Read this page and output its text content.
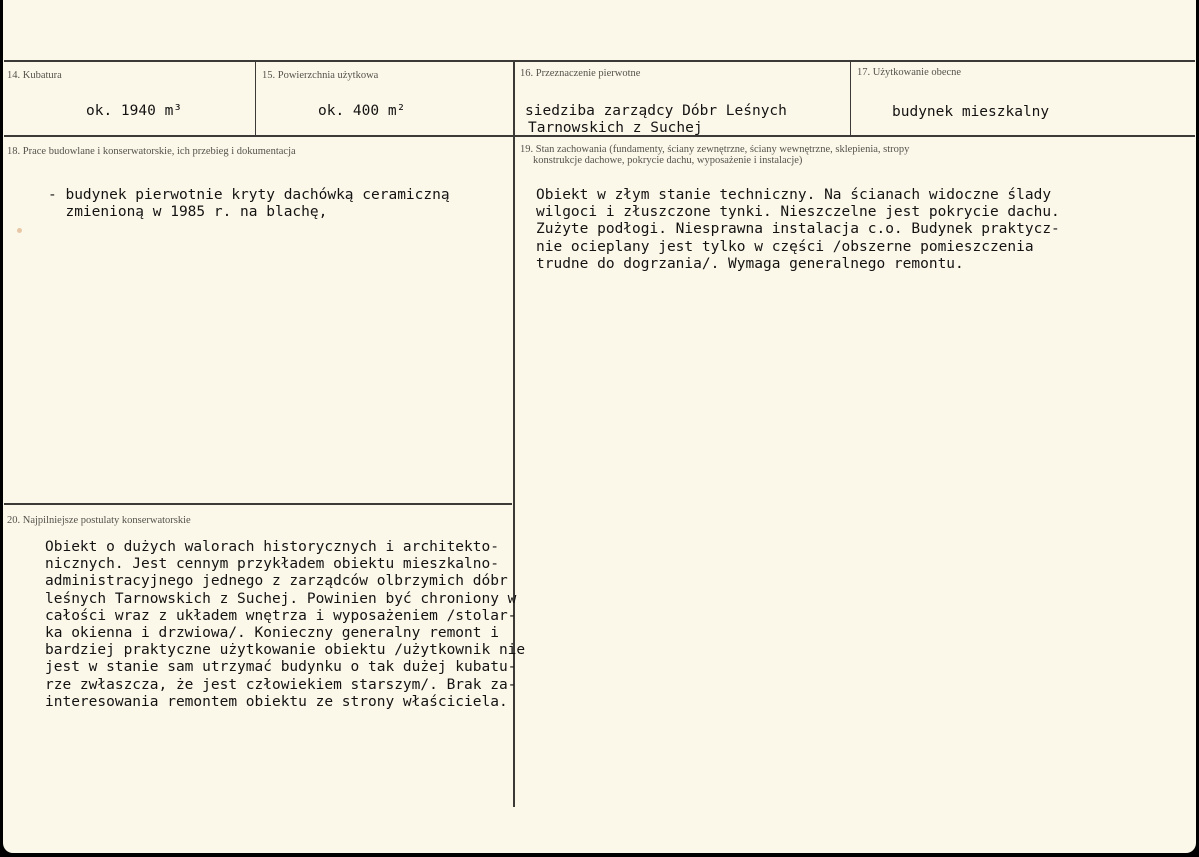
14. Kubatura
ok. 1940 m³
15. Powierzchnia użytkowa
ok. 400 m²
16. Przeznaczenie pierwotne
siedziba zarządcy Dóbr Leśnych
Tarnowskich z Suchej
17. Użytkowanie obecne
budynek mieszkalny
18. Prace budowlane i konserwatorskie, ich przebieg i dokumentacja
- budynek pierwotnie kryty dachówką ceramiczną
zmienioną w 1985 r. na blachę,
19. Stan zachowania (fundamenty, ściany zewnętrzne, ściany wewnętrzne, sklepienia, stropy
konstrukcje dachowe, pokrycie dachu, wyposażenie i instalacje)
Obiekt w złym stanie techniczny. Na ścianach widoczne ślady
wilgoci i złuszczone tynki. Nieszczelne jest pokrycie dachu.
Zużyte podłogi. Niesprawna instalacja c.o. Budynek praktycz-
nie ocieplany jest tylko w części /obszerne pomieszczenia
trudne do dogrzania/. Wymaga generalnego remontu.
20. Najpilniejsze postulaty konserwatorskie
Obiekt o dużych walorach historycznych i architekto-
nicznych. Jest cennym przykładem obiektu mieszkalno-
administracyjnego jednego z zarządców olbrzymich dóbr
leśnych Tarnowskich z Suchej. Powinien być chroniony w
całości wraz z układem wnętrza i wyposażeniem /stolar-
ka okienna i drzwiowa/. Konieczny generalny remont i
bardziej praktyczne użytkowanie obiektu /użytkownik nie
jest w stanie sam utrzymać budynku o tak dużej kubatu-
rze zwłaszcza, że jest człowiekiem starszym/. Brak za-
interesowania remontem obiektu ze strony właściciela.
